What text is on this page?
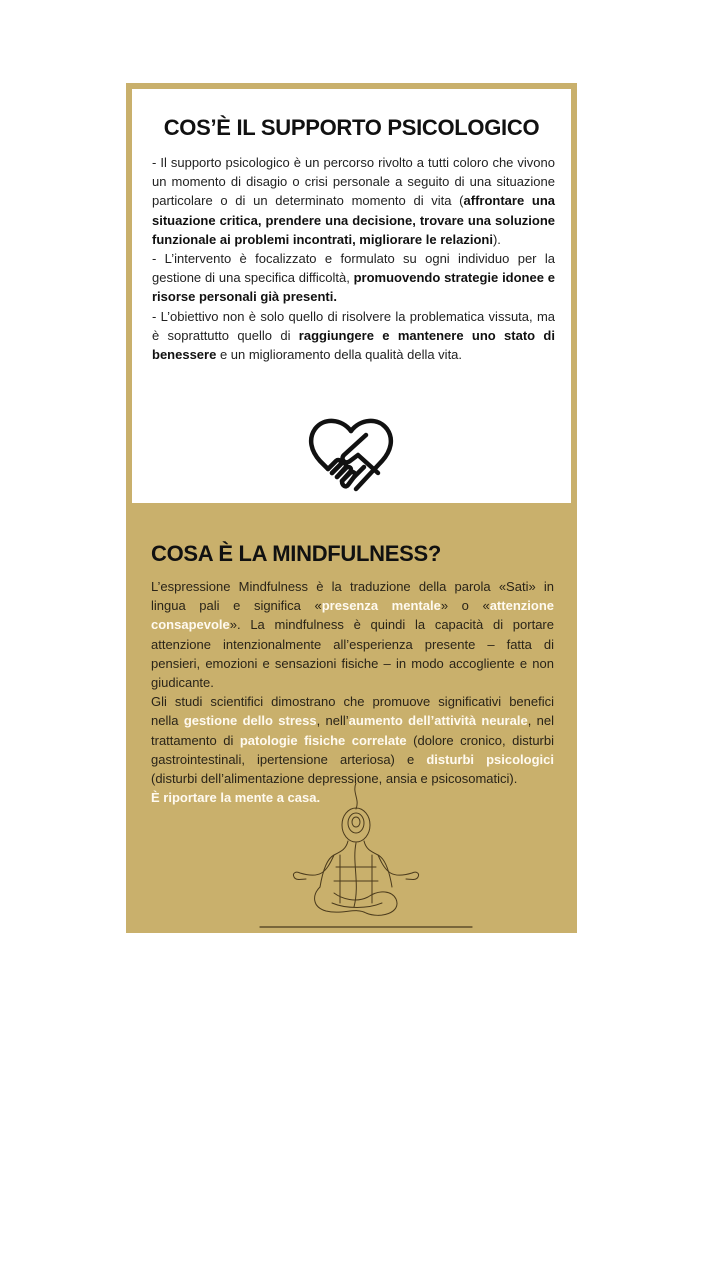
COS’È IL SUPPORTO PSICOLOGICO
- Il supporto psicologico è un percorso rivolto a tutti coloro che vivono un momento di disagio o crisi personale a seguito di una situazione particolare o di un determinato momento di vita (affrontare una situazione critica, prendere una decisione, trovare una soluzione funzionale ai problemi incontrati, migliorare le relazioni).
- L’intervento è focalizzato e formulato su ogni individuo per la gestione di una specifica difficoltà, promuovendo strategie idonee e risorse personali già presenti.
- L’obiettivo non è solo quello di risolvere la problematica vissuta, ma è soprattutto quello di raggiungere e mantenere uno stato di benessere e un miglioramento della qualità della vita.
COSA È LA MINDFULNESS?
L’espressione Mindfulness è la traduzione della parola «Sati» in lingua pali e significa «presenza mentale» o «attenzione consapevole». La mindfulness è quindi la capacità di portare attenzione intenzionalmente all’esperienza presente – fatta di pensieri, emozioni e sensazioni fisiche – in modo accogliente e non giudicante.
Gli studi scientifici dimostrano che promuove significativi benefici nella gestione dello stress, nell’aumento dell’attività neurale, nel trattamento di patologie fisiche correlate (dolore cronico, disturbi gastrointestinali, ipertensione arteriosa) e disturbi psicologici (disturbi dell’alimentazione depressione, ansia e psicosomatici).
È riportare la mente a casa.
